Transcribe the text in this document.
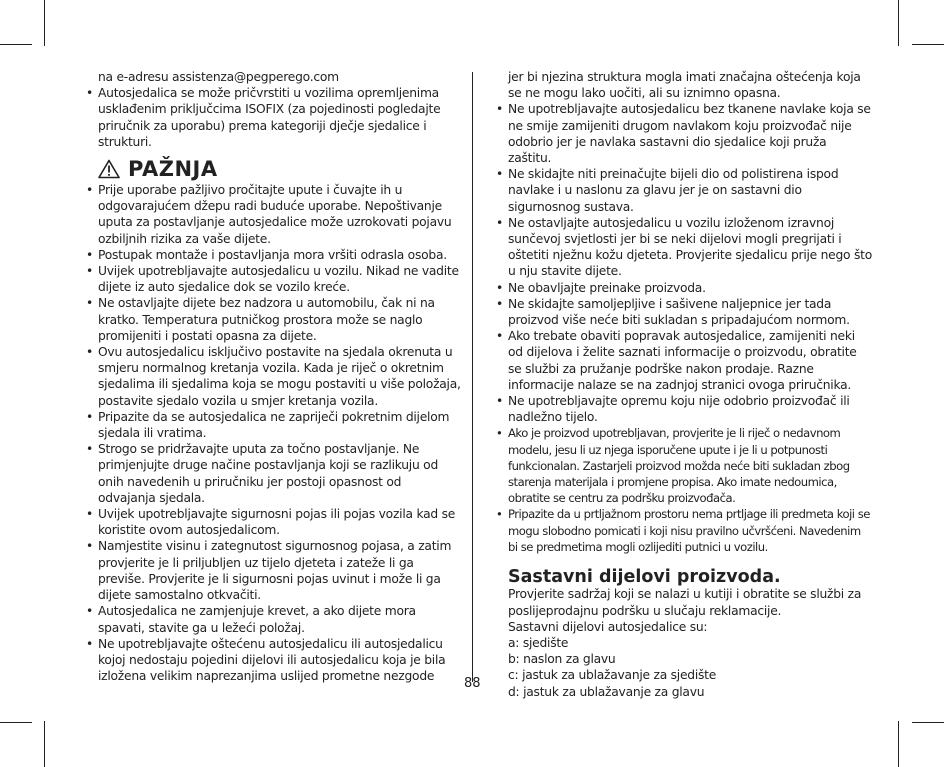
na e-adresu assistenza@pegperego.com
• Autosjedalica se može pričvrstiti u vozilima opremljenima usklađenim priključcima ISOFIX (za pojedinosti pogledajte priručnik za uporabu) prema kategoriji dječje sjedalice i strukturi.
PAŽNJA
• Prije uporabe pažljivo pročitajte upute i čuvajte ih u odgovarajućem džepu radi buduće uporabe. Nepoštivanje uputa za postavljanje autosjedalice može uzrokovati pojavu ozbiljnih rizika za vaše dijete.
• Postupak montaže i postavljanja mora vršiti odrasla osoba.
• Uvijek upotrebljavajte autosjedalicu u vozilu. Nikad ne vadite dijete iz auto sjedalice dok se vozilo kreće.
• Ne ostavljajte dijete bez nadzora u automobilu, čak ni na kratko. Temperatura putničkog prostora može se naglo promijeniti i postati opasna za dijete.
• Ovu autosjedalicu isključivo postavite na sjedala okrenuta u smjeru normalnog kretanja vozila. Kada je riječ o okretnim sjedalima ili sjedalima koja se mogu postaviti u više položaja, postavite sjedalo vozila u smjer kretanja vozila.
• Pripazite da se autosjedalica ne zapriječi pokretnim dijelom sjedala ili vratima.
• Strogo se pridržavajte uputa za točno postavljanje. Ne primjenjujte druge načine postavljanja koji se razlikuju od onih navedenih u priručniku jer postoji opasnost od odvajanja sjedala.
• Uvijek upotrebljavajte sigurnosni pojas ili pojas vozila kad se koristite ovom autosjedalicom.
• Namjestite visinu i zategnutost sigurnosnog pojasa, a zatim provjerite je li priljubljen uz tijelo djeteta i zateže li ga previše. Provjerite je li sigurnosni pojas uvinut i može li ga dijete samostalno otkvačiti.
• Autosjedalica ne zamjenjuje krevet, a ako dijete mora spavati, stavite ga u ležeći položaj.
• Ne upotrebljavajte oštećenu autosjedalicu ili autosjedalicu kojoj nedostaju pojedini dijelovi ili autosjedalicu koja je bila izložena velikim naprezanjima uslijed prometne nezgode
jer bi njezina struktura mogla imati značajna oštećenja koja se ne mogu lako uočiti, ali su iznimno opasna.
• Ne upotrebljavajte autosjedalicu bez tkanene navlake koja se ne smije zamijeniti drugom navlakom koju proizvođač nije odobrio jer je navlaka sastavni dio sjedalice koji pruža zaštitu.
• Ne skidajte niti preinačujte bijeli dio od polistirena ispod navlake i u naslonu za glavu jer je on sastavni dio sigurnosnog sustava.
• Ne ostavljajte autosjedalicu u vozilu izloženom izravnoj sunčevoj svjetlosti jer bi se neki dijelovi mogli pregrijati i oštetiti nježnu kožu djeteta. Provjerite sjedalicu prije nego što u nju stavite dijete.
• Ne obavljajte preinake proizvoda.
• Ne skidajte samoljepljive i sašivene naljepnice jer tada proizvod više neće biti sukladan s pripadajućom normom.
• Ako trebate obaviti popravak autosjedalice, zamijeniti neki od dijelova i želite saznati informacije o proizvodu, obratite se službi za pružanje podrške nakon prodaje. Razne informacije nalaze se na zadnjoj stranici ovoga priručnika.
• Ne upotrebljavajte opremu koju nije odobrio proizvođač ili nadležno tijelo.
• Ako je proizvod upotrebljavan, provjerite je li riječ o nedavnom modelu, jesu li uz njega isporučene upute i je li u potpunosti funkcionalan. Zastarjeli proizvod možda neće biti sukladan zbog starenja materijala i promjene propisa. Ako imate nedoumica, obratite se centru za podršku proizvođača.
• Pripazite da u prtljažnom prostoru nema prtljage ili predmeta koji se mogu slobodno pomicati i koji nisu pravilno učvršćeni. Navedenim bi se predmetima mogli ozlijediti putnici u vozilu.
Sastavni dijelovi proizvoda.
Provjerite sadržaj koji se nalazi u kutiji i obratite se službi za poslijeprodajnu podršku u slučaju reklamacije.
Sastavni dijelovi autosjedalice su:
a: sjedište
b: naslon za glavu
c: jastuk za ublažavanje za sjedište
d: jastuk za ublažavanje za glavu
88
